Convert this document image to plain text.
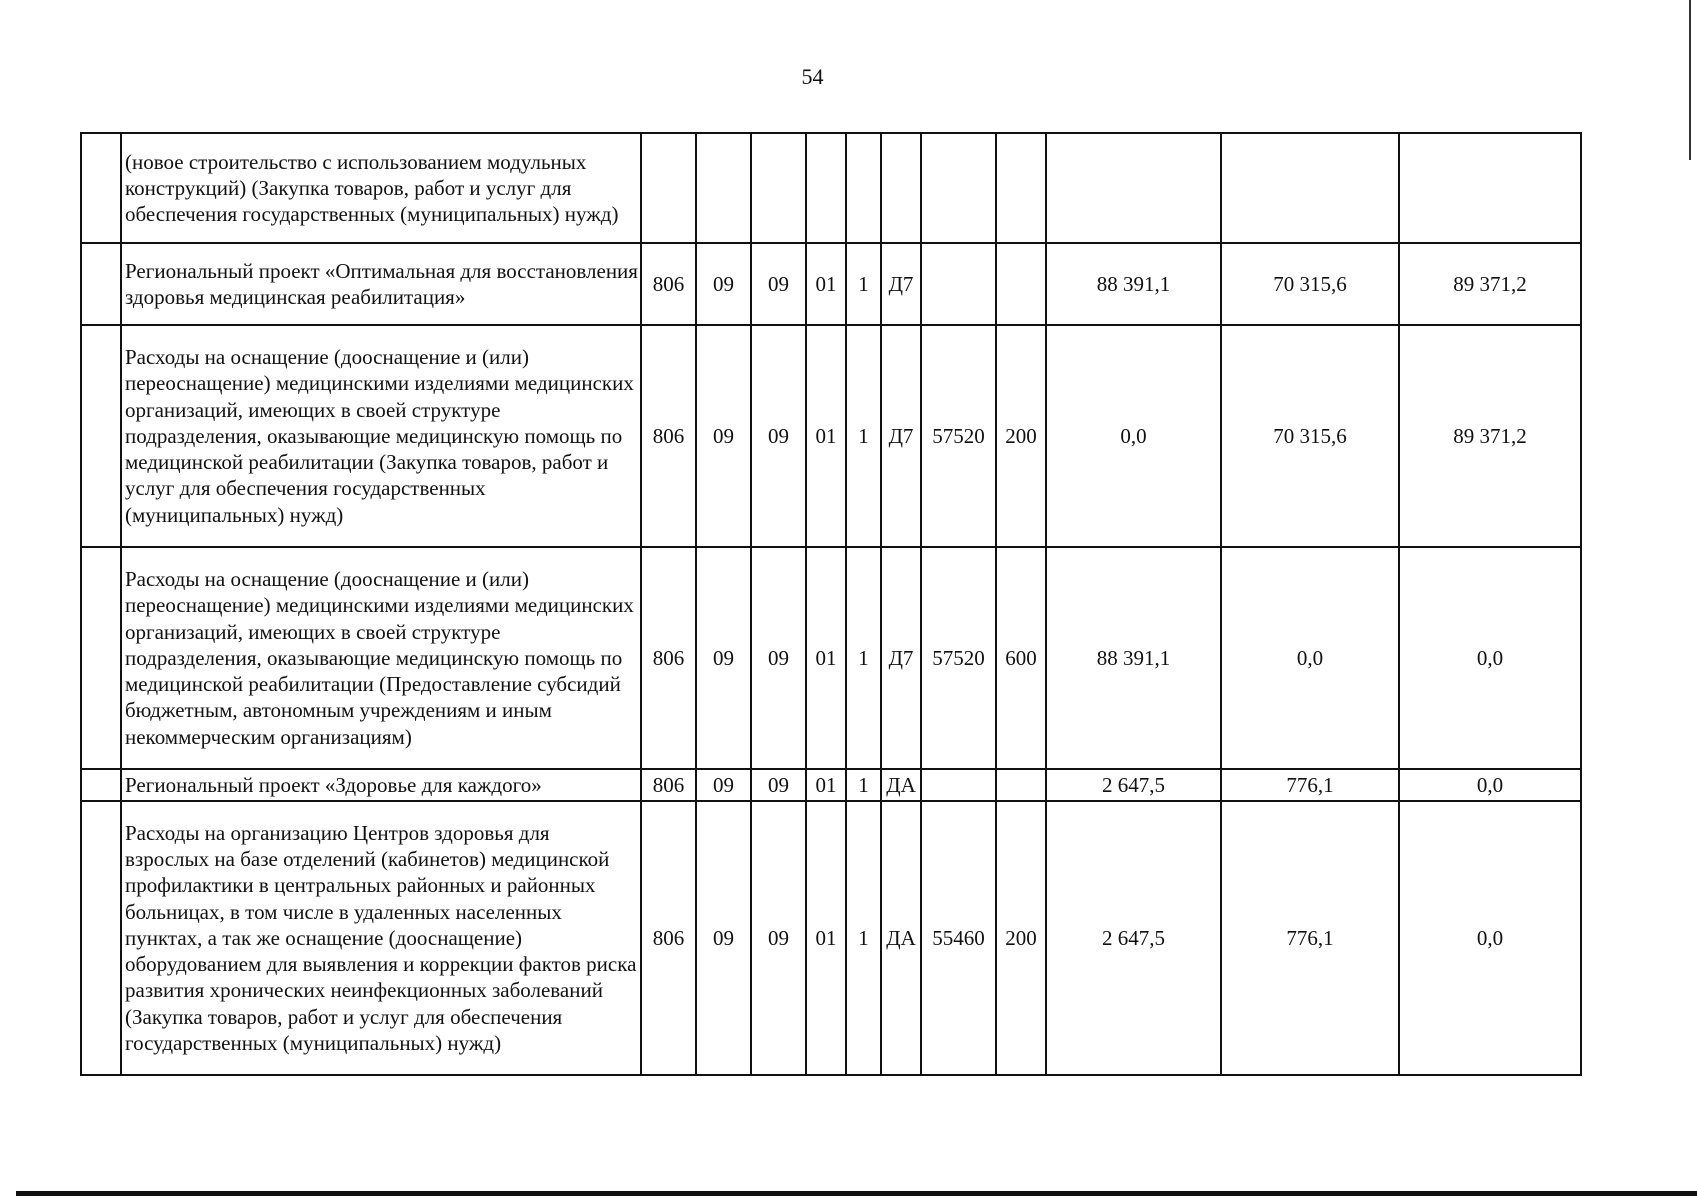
54
	(новое строительство с использованием модульных конструкций) (Закупка товаров, работ и услуг для обеспечения государственных (муниципальных) нужд)											
	Региональный проект «Оптимальная для восстановления здоровья медицинская реабилитация»	806	09	09	01	1	Д7			88 391,1	70 315,6	89 371,2
	Расходы на оснащение (дооснащение и (или) переоснащение) медицинскими изделиями медицинских организаций, имеющих в своей структуре подразделения, оказывающие медицинскую помощь по медицинской реабилитации (Закупка товаров, работ и услуг для обеспечения государственных (муниципальных) нужд)	806	09	09	01	1	Д7	57520	200	0,0	70 315,6	89 371,2
	Расходы на оснащение (дооснащение и (или) переоснащение) медицинскими изделиями медицинских организаций, имеющих в своей структуре подразделения, оказывающие медицинскую помощь по медицинской реабилитации (Предоставление субсидий бюджетным, автономным учреждениям и иным некоммерческим организациям)	806	09	09	01	1	Д7	57520	600	88 391,1	0,0	0,0
	Региональный проект «Здоровье для каждого»	806	09	09	01	1	ДА			2 647,5	776,1	0,0
	Расходы на организацию Центров здоровья для взрослых на базе отделений (кабинетов) медицинской профилактики в центральных районных и районных больницах, в том числе в удаленных населенных пунктах, а так же оснащение (дооснащение) оборудованием для выявления и коррекции фактов риска развития хронических неинфекционных заболеваний (Закупка товаров, работ и услуг для обеспечения государственных (муниципальных) нужд)	806	09	09	01	1	ДА	55460	200	2 647,5	776,1	0,0
